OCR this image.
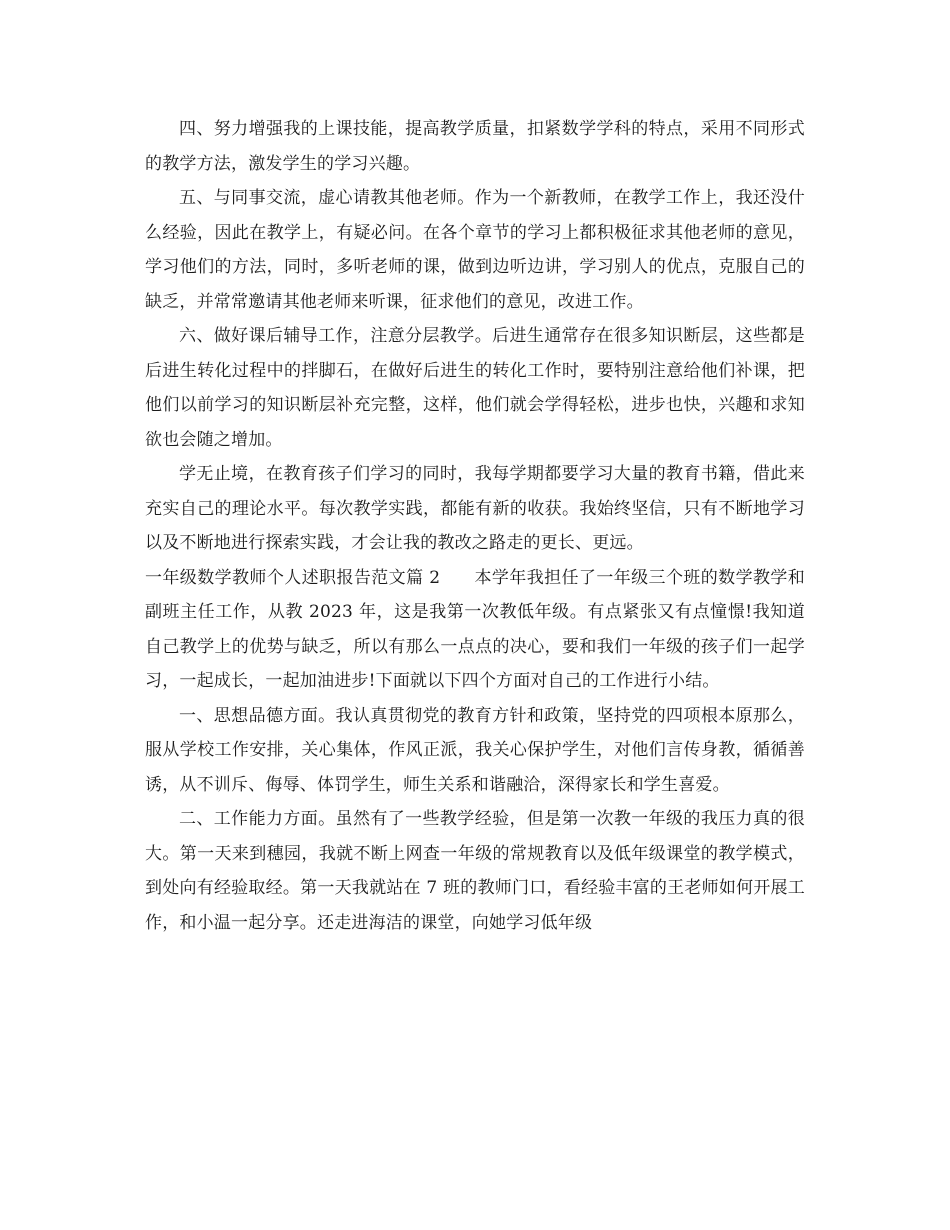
四、努力增强我的上课技能，提高教学质量，扣紧数学学科的特点，采用不同形式的教学方法，激发学生的学习兴趣。

五、与同事交流，虚心请教其他老师。作为一个新教师，在教学工作上，我还没什么经验，因此在教学上，有疑必问。在各个章节的学习上都积极征求其他老师的意见，学习他们的方法，同时，多听老师的课，做到边听边讲，学习别人的优点，克服自己的缺乏，并常常邀请其他老师来听课，征求他们的意见，改进工作。

六、做好课后辅导工作，注意分层教学。后进生通常存在很多知识断层，这些都是后进生转化过程中的拌脚石，在做好后进生的转化工作时，要特别注意给他们补课，把他们以前学习的知识断层补充完整，这样，他们就会学得轻松，进步也快，兴趣和求知欲也会随之增加。

学无止境，在教育孩子们学习的同时，我每学期都要学习大量的教育书籍，借此来充实自己的理论水平。每次教学实践，都能有新的收获。我始终坚信，只有不断地学习以及不断地进行探索实践，才会让我的教改之路走的更长、更远。

一年级数学教师个人述职报告范文篇 2 本学年我担任了一年级三个班的数学教学和副班主任工作，从教 2023 年，这是我第一次教低年级。有点紧张又有点憧憬!我知道自己教学上的优势与缺乏，所以有那么一点点的决心，要和我们一年级的孩子们一起学习，一起成长，一起加油进步!下面就以下四个方面对自己的工作进行小结。

一、思想品德方面。我认真贯彻党的教育方针和政策，坚持党的四项根本原那么，服从学校工作安排，关心集体，作风正派，我关心保护学生，对他们言传身教，循循善诱，从不训斥、侮辱、体罚学生，师生关系和谐融洽，深得家长和学生喜爱。

二、工作能力方面。虽然有了一些教学经验，但是第一次教一年级的我压力真的很大。第一天来到穗园，我就不断上网查一年级的常规教育以及低年级课堂的教学模式，到处向有经验取经。第一天我就站在 7 班的教师门口，看经验丰富的王老师如何开展工作，和小温一起分享。还走进海洁的课堂，向她学习低年级
